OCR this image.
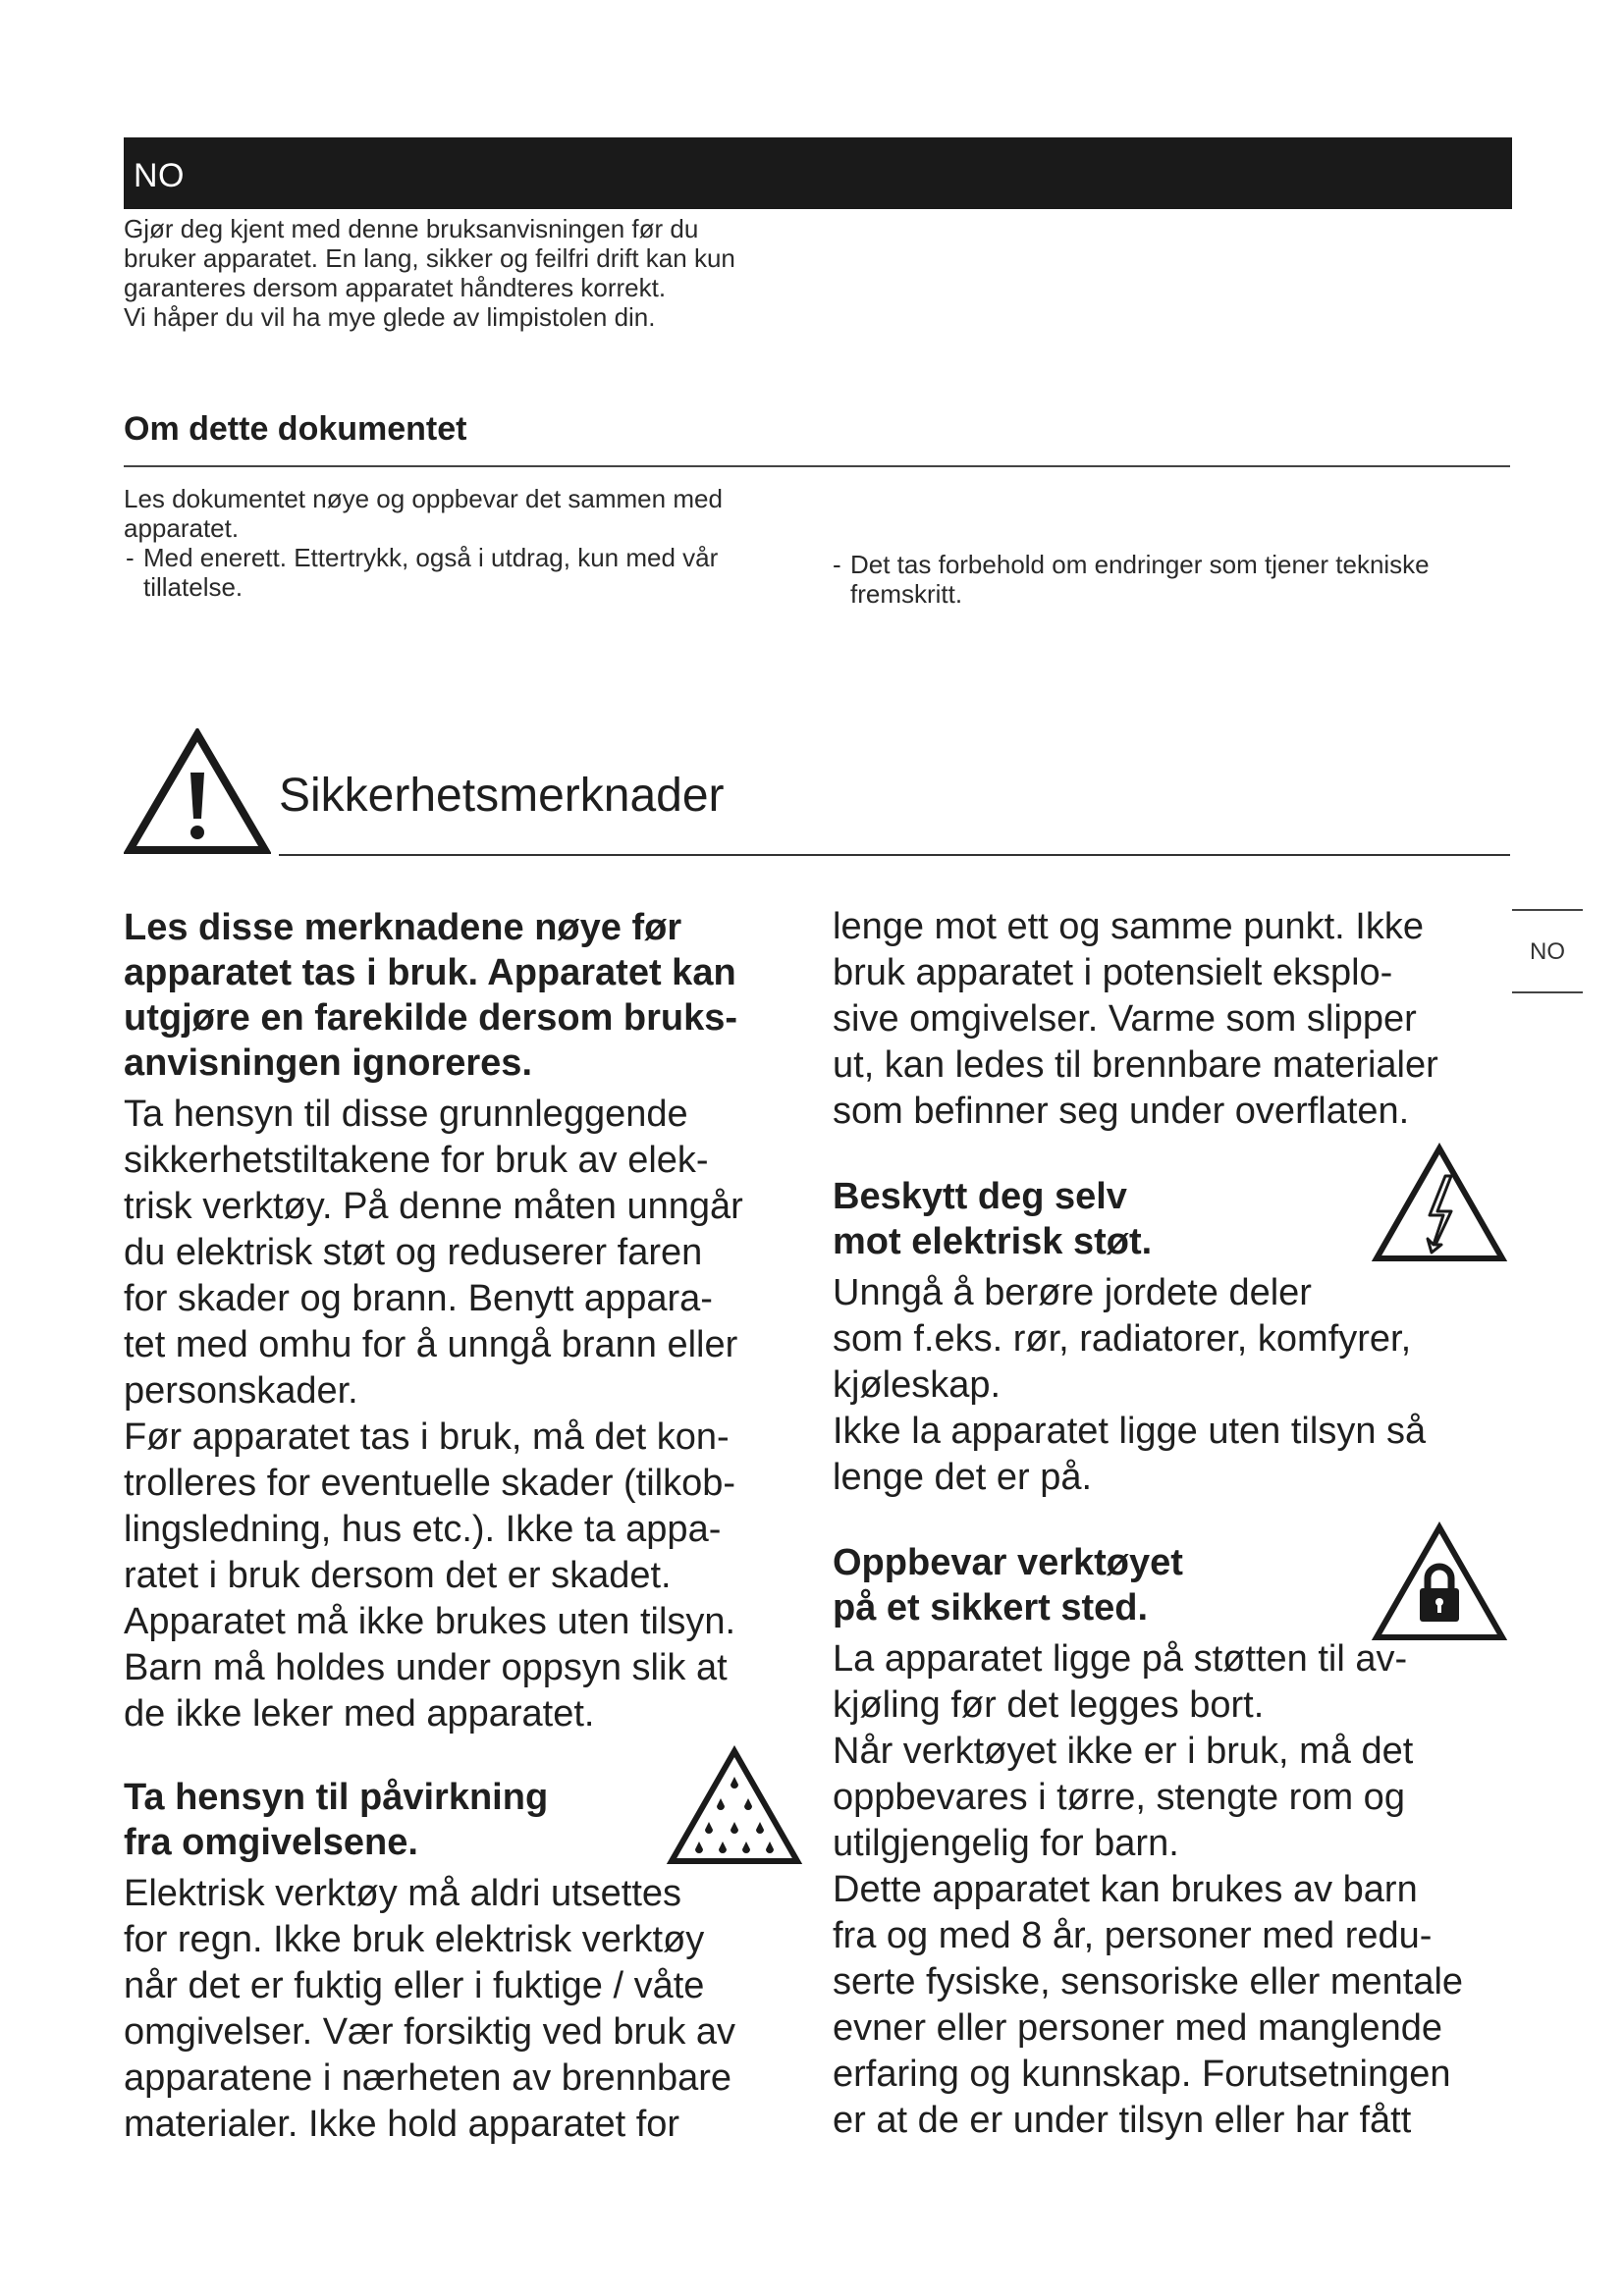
NO

Gjør deg kjent med denne bruksanvisningen før du

bruker apparatet. En lang, sikker og feilfri drift kan kun

garanteres dersom apparatet håndteres korrekt.

Vi håper du vil ha mye glede av limpistolen din.

Om dette dokumentet

Les dokumentet nøye og oppbevar det sammen med

apparatet.

- Med enerett. Ettertrykk, også i utdrag, kun med vår
tillatelse.
- Det tas forbehold om endringer som tjener tekniske
fremskritt.
Sikkerhetsmerknader
NO

Les disse merknadene nøye før

apparatet tas i bruk. Apparatet kan

utgjøre en farekilde dersom bruks-

anvisningen ignoreres.

Ta hensyn til disse grunnleggende

sikkerhetstiltakene for bruk av elek-

trisk verktøy. På denne måten unngår

du elektrisk støt og reduserer faren

for skader og brann. Benytt appara-

tet med omhu for å unngå brann eller

personskader.

Før apparatet tas i bruk, må det kon-

trolleres for eventuelle skader (tilkob-

lingsledning, hus etc.). Ikke ta appa-

ratet i bruk dersom det er skadet.

Apparatet må ikke brukes uten tilsyn.

Barn må holdes under oppsyn slik at

de ikke leker med apparatet.

Ta hensyn til påvirkning

fra omgivelsene.

Elektrisk verktøy må aldri utsettes

for regn. Ikke bruk elektrisk verktøy

når det er fuktig eller i fuktige / våte

omgivelser. Vær forsiktig ved bruk av

apparatene i nærheten av brennbare

materialer. Ikke hold apparatet for

lenge mot ett og samme punkt. Ikke

bruk apparatet i potensielt eksplo-

sive omgivelser. Varme som slipper

ut, kan ledes til brennbare materialer

som befinner seg under overflaten.

Beskytt deg selv

mot elektrisk støt.

Unngå å berøre jordete deler

som f.eks. rør, radiatorer, komfyrer,

kjøleskap.

Ikke la apparatet ligge uten tilsyn så

lenge det er på.

Oppbevar verktøyet

på et sikkert sted.

La apparatet ligge på støtten til av-

kjøling før det legges bort.

Når verktøyet ikke er i bruk, må det

oppbevares i tørre, stengte rom og

utilgjengelig for barn.

Dette apparatet kan brukes av barn

fra og med 8 år, personer med redu-

serte fysiske, sensoriske eller mentale

evner eller personer med manglende

erfaring og kunnskap. Forutsetningen

er at de er under tilsyn eller har fått
